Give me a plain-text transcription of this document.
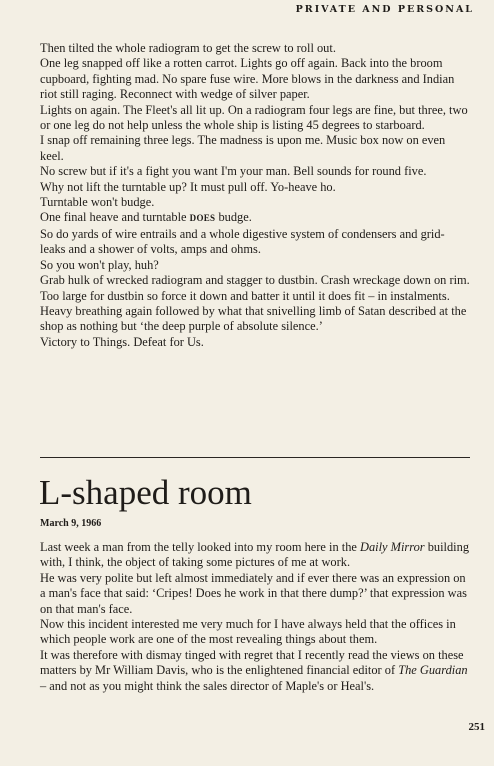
PRIVATE AND PERSONAL

Then tilted the whole radiogram to get the screw to roll out.

One leg snapped off like a rotten carrot. Lights go off again. Back into the broom cupboard, fighting mad. No spare fuse wire. More blows in the darkness and Indian riot still raging. Reconnect with wedge of silver paper.

Lights on again. The Fleet's all lit up. On a radiogram four legs are fine, but three, two or one leg do not help unless the whole ship is listing 45 degrees to starboard.

I snap off remaining three legs. The madness is upon me. Music box now on even keel.

No screw but if it's a fight you want I'm your man. Bell sounds for round five.

Why not lift the turntable up? It must pull off. Yo-heave ho.

Turntable won't budge.

One final heave and turntable DOES budge.

So do yards of wire entrails and a whole digestive system of condensers and grid-leaks and a shower of volts, amps and ohms.

So you won't play, huh?

Grab hulk of wrecked radiogram and stagger to dustbin. Crash wreckage down on rim.

Too large for dustbin so force it down and batter it until it does fit – in instalments.

Heavy breathing again followed by what that snivelling limb of Satan described at the shop as nothing but ‘the deep purple of absolute silence.’

Victory to Things. Defeat for Us.

L-shaped room
March 9, 1966

Last week a man from the telly looked into my room here in the Daily Mirror building with, I think, the object of taking some pictures of me at work.

He was very polite but left almost immediately and if ever there was an expression on a man's face that said: ‘Cripes! Does he work in that there dump?’ that expression was on that man's face.

Now this incident interested me very much for I have always held that the offices in which people work are one of the most revealing things about them.

It was therefore with dismay tinged with regret that I recently read the views on these matters by Mr William Davis, who is the enlightened financial editor of The Guardian – and not as you might think the sales director of Maple's or Heal's.

251
